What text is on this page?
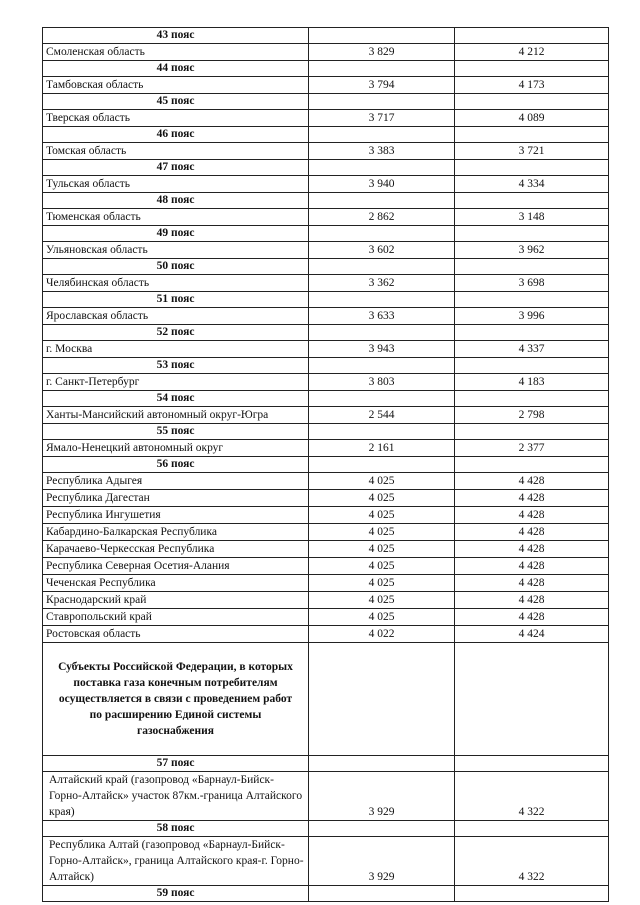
43 пояс		
Смоленская область	3 829	4 212
44 пояс		
Тамбовская область	3 794	4 173
45 пояс		
Тверская область	3 717	4 089
46 пояс		
Томская область	3 383	3 721
47 пояс		
Тульская область	3 940	4 334
48 пояс		
Тюменская область	2 862	3 148
49 пояс		
Ульяновская область	3 602	3 962
50 пояс		
Челябинская область	3 362	3 698
51 пояс		
Ярославская область	3 633	3 996
52 пояс		
г. Москва	3 943	4 337
53 пояс		
г. Санкт-Петербург	3 803	4 183
54 пояс		
Ханты-Мансийский автономный округ-Югра	2 544	2 798
55 пояс		
Ямало-Ненецкий автономный округ	2 161	2 377
56 пояс		
Республика Адыгея	4 025	4 428
Республика Дагестан	4 025	4 428
Республика Ингушетия	4 025	4 428
Кабардино-Балкарская Республика	4 025	4 428
Карачаево-Черкесская Республика	4 025	4 428
Республика Северная Осетия-Алания	4 025	4 428
Чеченская Республика	4 025	4 428
Краснодарский край	4 025	4 428
Ставропольский край	4 025	4 428
Ростовская область	4 022	4 424
Субъекты Российской Федерации, в которых поставка газа конечным потребителям осуществляется в связи с проведением работ по расширению Единой системы газоснабжения		
57 пояс		
Алтайский край (газопровод «Барнаул-Бийск-Горно-Алтайск» участок 87км.-граница Алтайского края)	3 929	4 322
58 пояс		
Республика Алтай (газопровод «Барнаул-Бийск-Горно-Алтайск», граница Алтайского края-г. Горно-Алтайск)	3 929	4 322
59 пояс		
